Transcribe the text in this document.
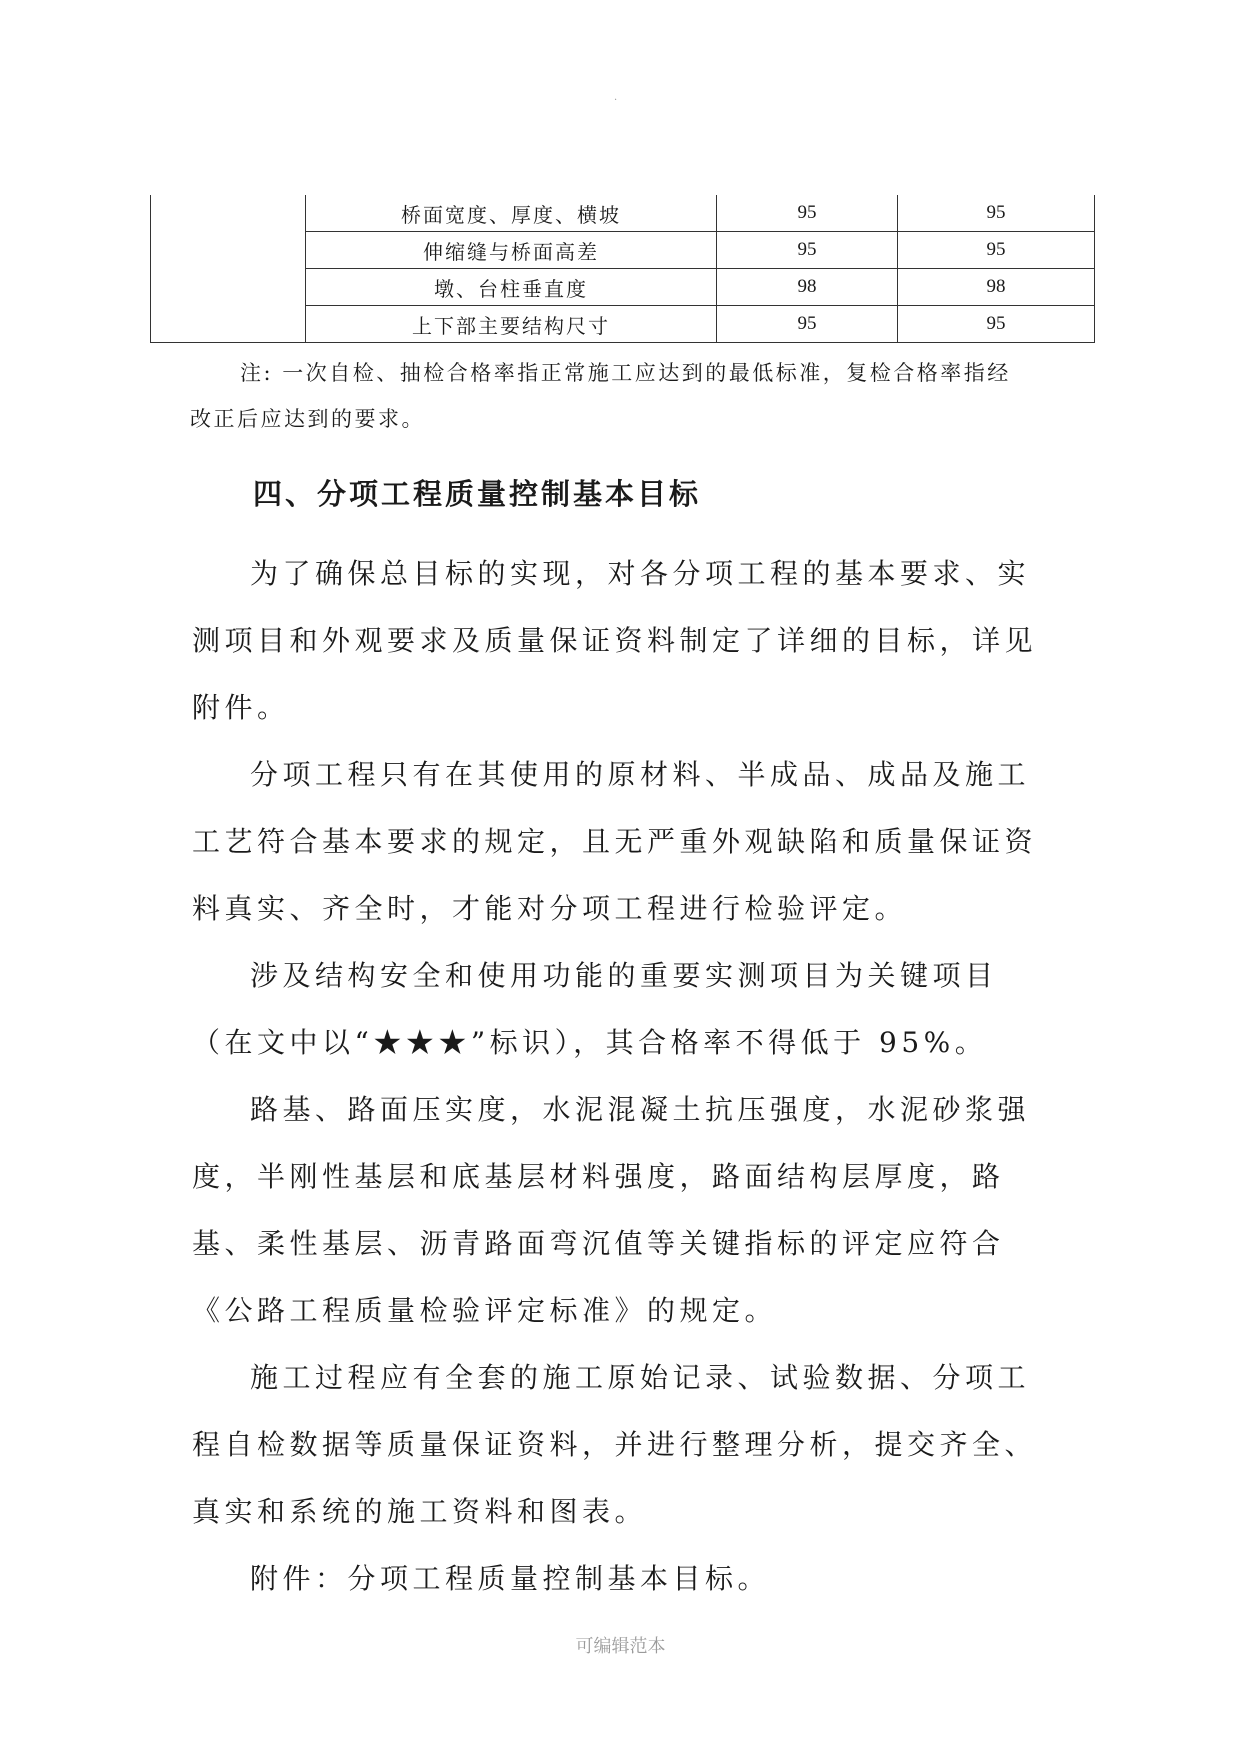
.
	桥面宽度、厚度、横坡	95	95
	伸缩缝与桥面高差	95	95
	墩、台柱垂直度	98	98
	上下部主要结构尺寸	95	95
注: 一次自检、抽检合格率指正常施工应达到的最低标准，复检合格率指经
改正后应达到的要求。
四、分项工程质量控制基本目标

为了确保总目标的实现，对各分项工程的基本要求、实测项目和外观要求及质量保证资料制定了详细的目标，详见附件。

分项工程只有在其使用的原材料、半成品、成品及施工工艺符合基本要求的规定，且无严重外观缺陷和质量保证资料真实、齐全时，才能对分项工程进行检验评定。

涉及结构安全和使用功能的重要实测项目为关键项目（在文中以“★★★”标识），其合格率不得低于 95%。

路基、路面压实度，水泥混凝土抗压强度，水泥砂浆强度，半刚性基层和底基层材料强度，路面结构层厚度，路基、柔性基层、沥青路面弯沉值等关键指标的评定应符合《公路工程质量检验评定标准》的规定。

施工过程应有全套的施工原始记录、试验数据、分项工程自检数据等质量保证资料，并进行整理分析，提交齐全、真实和系统的施工资料和图表。

附件：分项工程质量控制基本目标。

可编辑范本
